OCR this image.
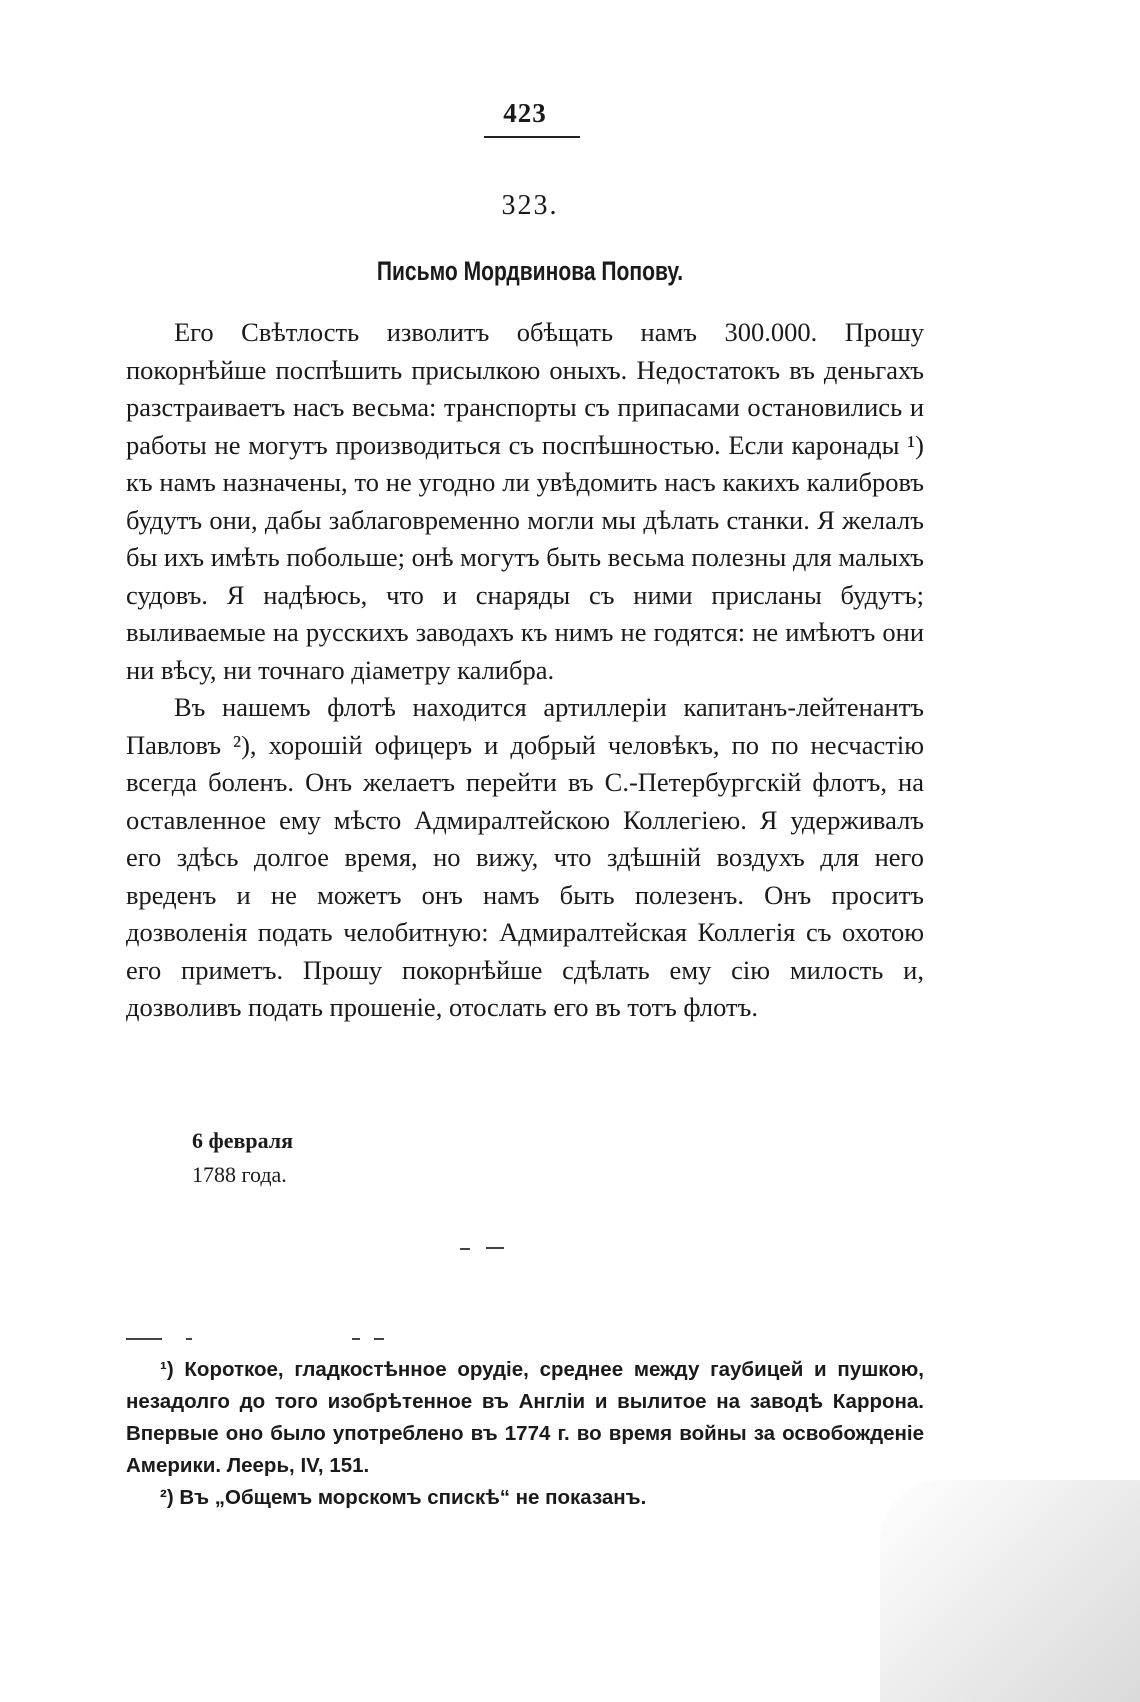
423
323.
Письмо Мордвинова Попову.

Его Свѣтлость изволитъ обѣщать намъ 300.000. Прошу покорнѣйше поспѣшить присылкою оныхъ. Недостатокъ въ деньгахъ разстраиваетъ насъ весьма: транспорты съ припасами остановились и работы не могутъ производиться съ поспѣшностью. Если каронады ¹) къ намъ назначены, то не угодно ли увѣдомить насъ какихъ калибровъ будутъ они, дабы заблаговременно могли мы дѣлать станки. Я желалъ бы ихъ имѣть побольше; онѣ могутъ быть весьма полезны для малыхъ судовъ. Я надѣюсь, что и снаряды съ ними присланы будутъ; выливаемые на русскихъ заводахъ къ нимъ не годятся: не имѣютъ они ни вѣсу, ни точнаго діаметру калибра.

Въ нашемъ флотѣ находится артиллеріи капитанъ-лейтенантъ Павловъ ²), хорошій офицеръ и добрый человѣкъ, по по несчастію всегда боленъ. Онъ желаетъ перейти въ С.-Петербургскій флотъ, на оставленное ему мѣсто Адмиралтейскою Коллегіею. Я удерживалъ его здѣсь долгое время, но вижу, что здѣшній воздухъ для него вреденъ и не можетъ онъ намъ быть полезенъ. Онъ проситъ дозволенія подать челобитную: Адмиралтейская Коллегія съ охотою его приметъ. Прошу покорнѣйше сдѣлать ему сію милость и, дозволивъ подать прошеніе, отослать его въ тотъ флотъ.

6 февраля
1788 года.

¹) Короткое, гладкостѣнное орудіе, среднее между гаубицей и пушкою, незадолго до того изобрѣтенное въ Англіи и вылитое на заводѣ Каррона. Впервые оно было употреблено въ 1774 г. во время войны за освобожденіе Америки. Леерь, IV, 151.

²) Въ „Общемъ морскомъ спискѣ“ не показанъ.
